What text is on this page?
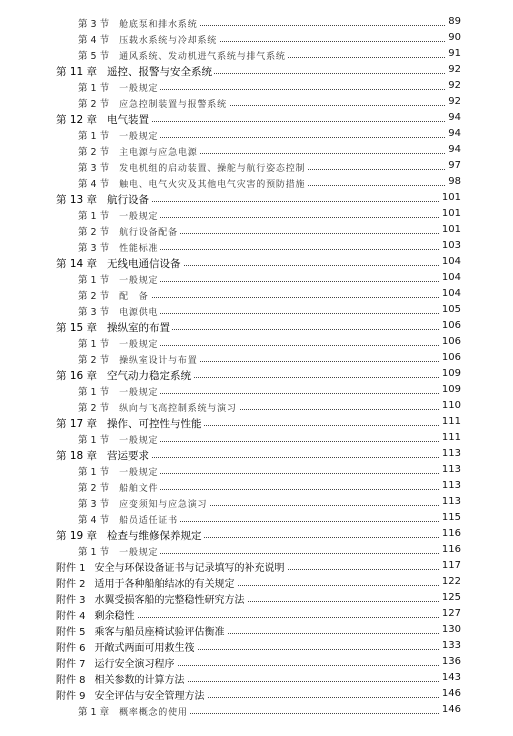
第 3 节 舱底泵和排水系统	89
第 4 节 压载水系统与冷却系统	90
第 5 节 通风系统、发动机进气系统与排气系统	91
第 11 章 遥控、报警与安全系统	92
第 1 节 一般规定	92
第 2 节 应急控制装置与报警系统	92
第 12 章 电气装置	94
第 1 节 一般规定	94
第 2 节 主电源与应急电源	94
第 3 节 发电机组的启动装置、操舵与航行姿态控制	97
第 4 节 触电、电气火灾及其他电气灾害的预防措施	98
第 13 章 航行设备	101
第 1 节 一般规定	101
第 2 节 航行设备配备	101
第 3 节 性能标准	103
第 14 章 无线电通信设备	104
第 1 节 一般规定	104
第 2 节 配　备	104
第 3 节 电源供电	105
第 15 章 操纵室的布置	106
第 1 节 一般规定	106
第 2 节 操纵室设计与布置	106
第 16 章 空气动力稳定系统	109
第 1 节 一般规定	109
第 2 节 纵向与飞高控制系统与演习	110
第 17 章 操作、可控性与性能	111
第 1 节 一般规定	111
第 18 章 营运要求	113
第 1 节 一般规定	113
第 2 节 船舶文件	113
第 3 节 应变须知与应急演习	113
第 4 节 船员适任证书	115
第 19 章 检查与维修保养规定	116
第 1 节 一般规定	116
附件 1 安全与环保设备证书与记录填写的补充说明	117
附件 2 适用于各种船舶结冰的有关规定	122
附件 3 水翼受损客船的完整稳性研究方法	125
附件 4 剩余稳性	127
附件 5 乘客与船员座椅试验评估衡准	130
附件 6 开敞式两面可用救生筏	133
附件 7 运行安全演习程序	136
附件 8 相关参数的计算方法	143
附件 9 安全评估与安全管理方法	146
第 1 章 概率概念的使用	146
